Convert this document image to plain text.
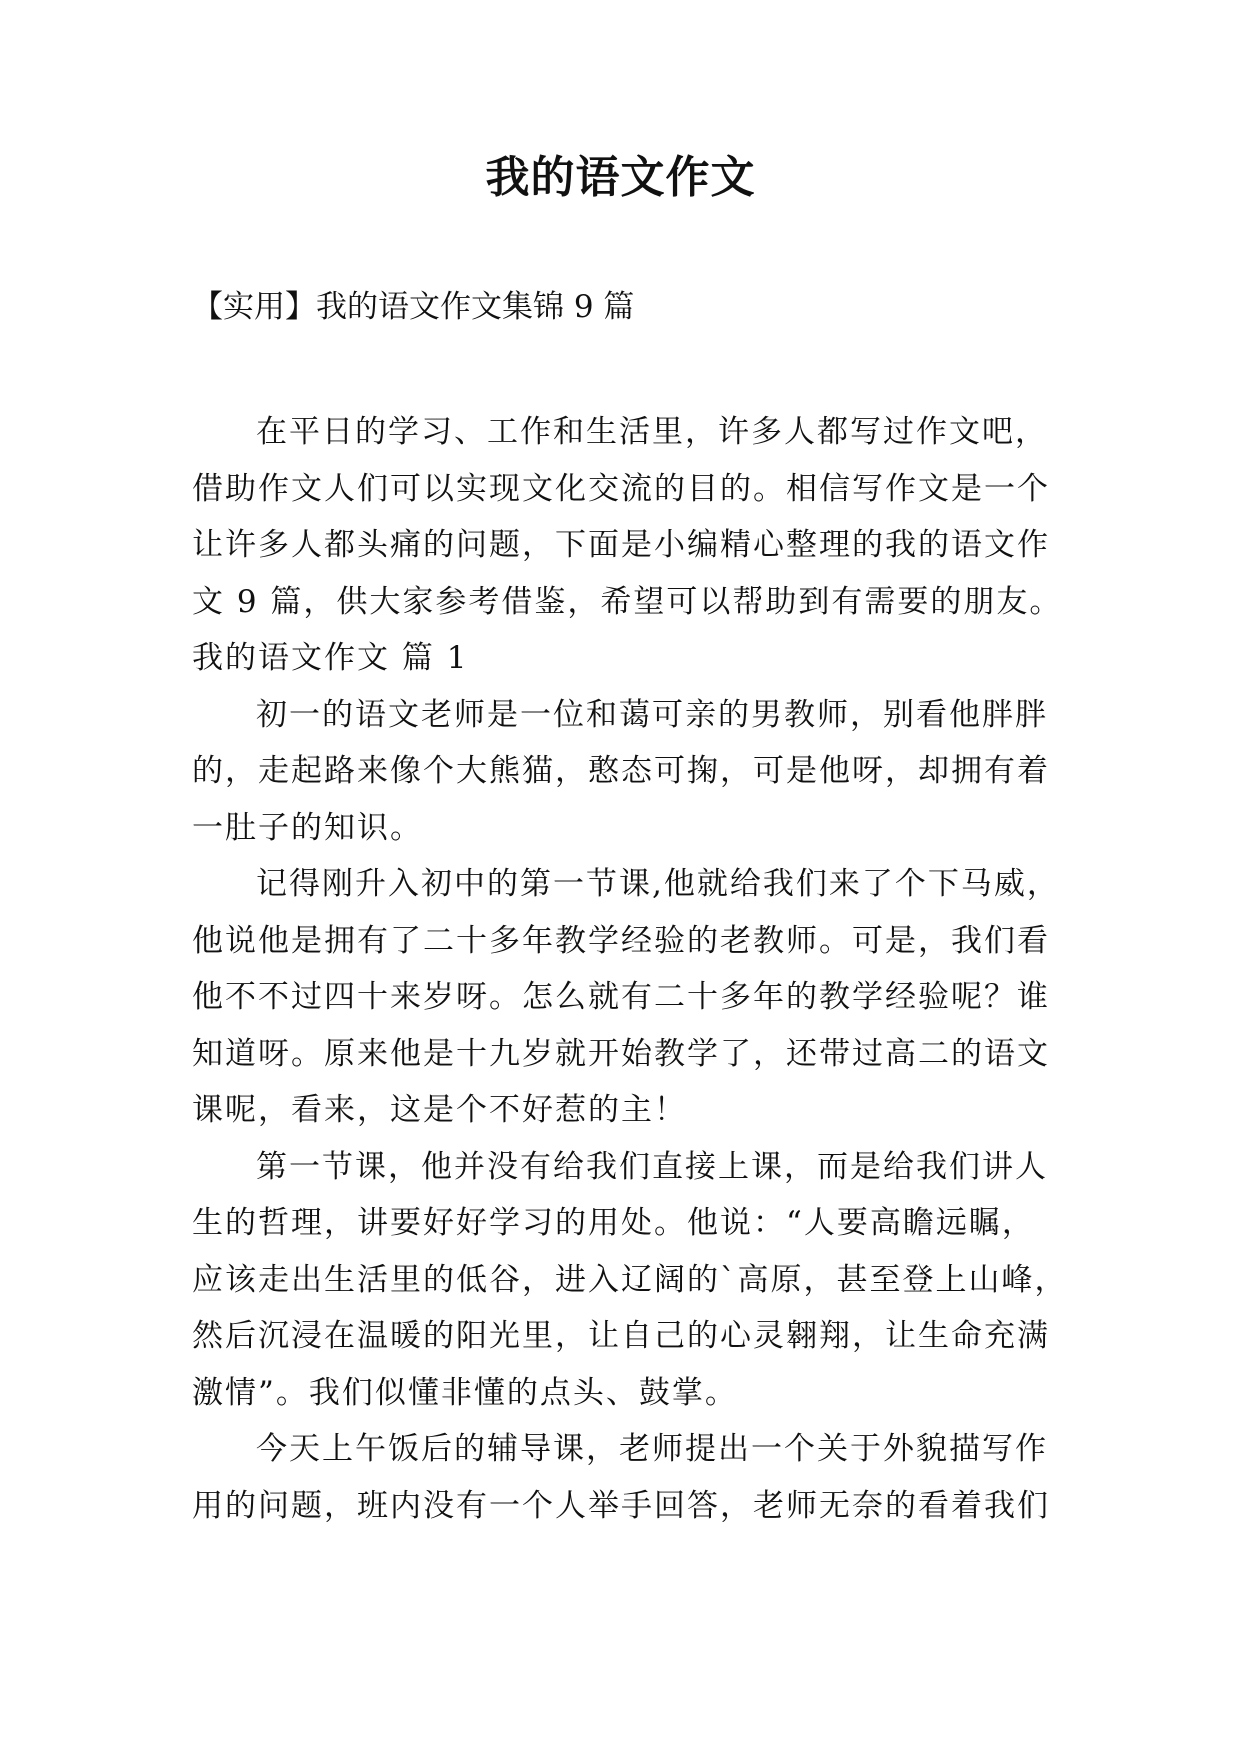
我的语文作文

【实用】我的语文作文集锦 9 篇

在平日的学习、工作和生活里，许多人都写过作文吧，
借助作文人们可以实现文化交流的目的。相信写作文是一个
让许多人都头痛的问题，下面是小编精心整理的我的语文作
文 9 篇，供大家参考借鉴，希望可以帮助到有需要的朋友。
我的语文作文 篇 1
初一的语文老师是一位和蔼可亲的男教师，别看他胖胖
的，走起路来像个大熊猫，憨态可掬，可是他呀，却拥有着
一肚子的知识。
记得刚升入初中的第一节课,他就给我们来了个下马威，
他说他是拥有了二十多年教学经验的老教师。可是，我们看
他不不过四十来岁呀。怎么就有二十多年的教学经验呢？谁
知道呀。原来他是十九岁就开始教学了，还带过高二的语文
课呢，看来，这是个不好惹的主！
第一节课，他并没有给我们直接上课，而是给我们讲人
生的哲理，讲要好好学习的用处。他说：“人要高瞻远瞩，
应该走出生活里的低谷，进入辽阔的`高原，甚至登上山峰，
然后沉浸在温暖的阳光里，让自己的心灵翱翔，让生命充满
激情”。我们似懂非懂的点头、鼓掌。
今天上午饭后的辅导课，老师提出一个关于外貌描写作
用的问题，班内没有一个人举手回答，老师无奈的看着我们
